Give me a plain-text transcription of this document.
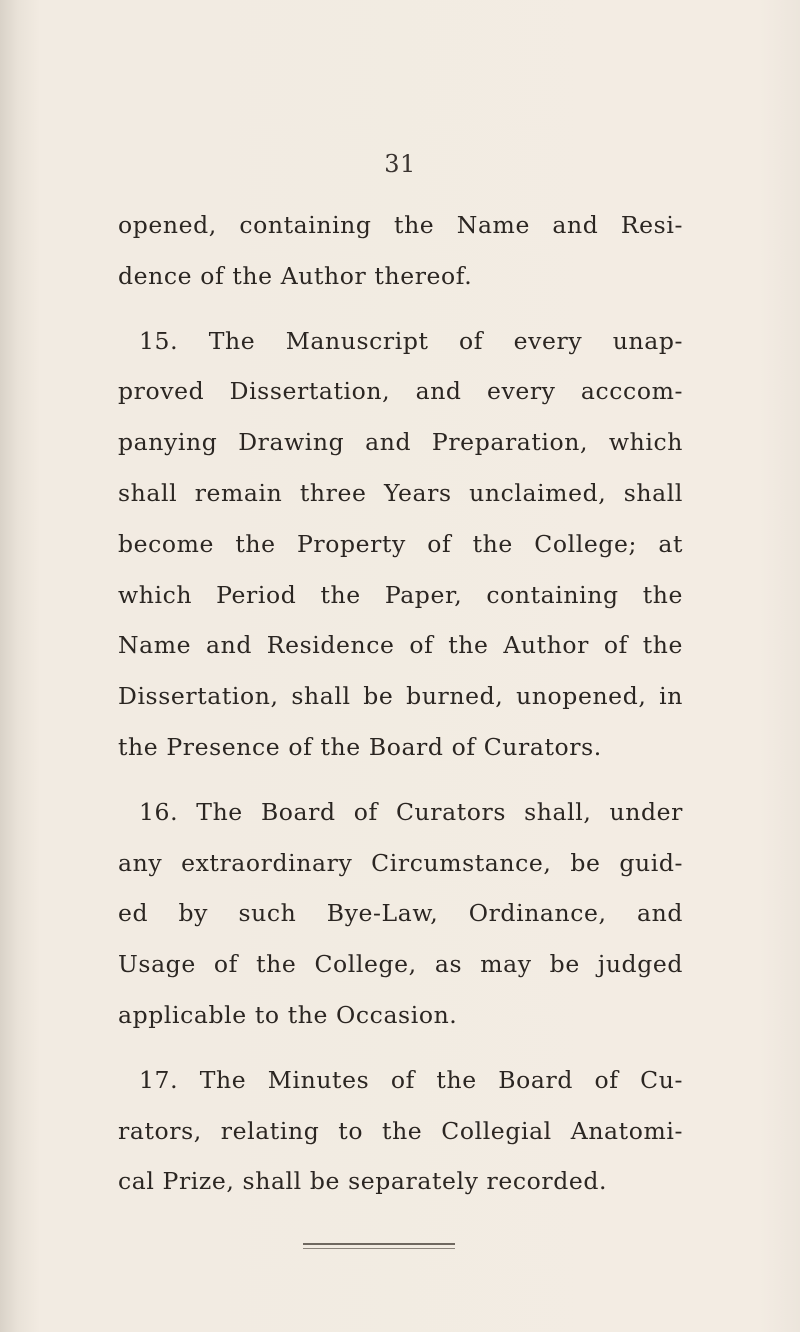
31
opened, containing the Name and Resi-
dence of the Author thereof.
15. The Manuscript of every unap-
proved Dissertation, and every acccom-
panying Drawing and Preparation, which
shall remain three Years unclaimed, shall
become the Property of the College; at
which Period the Paper, containing the
Name and Residence of the Author of the
Dissertation, shall be burned, unopened, in
the Presence of the Board of Curators.
16. The Board of Curators shall, under
any extraordinary Circumstance, be guid-
ed by such Bye-Law, Ordinance, and
Usage of the College, as may be judged
applicable to the Occasion.
17. The Minutes of the Board of Cu-
rators, relating to the Collegial Anatomi-
cal Prize, shall be separately recorded.
